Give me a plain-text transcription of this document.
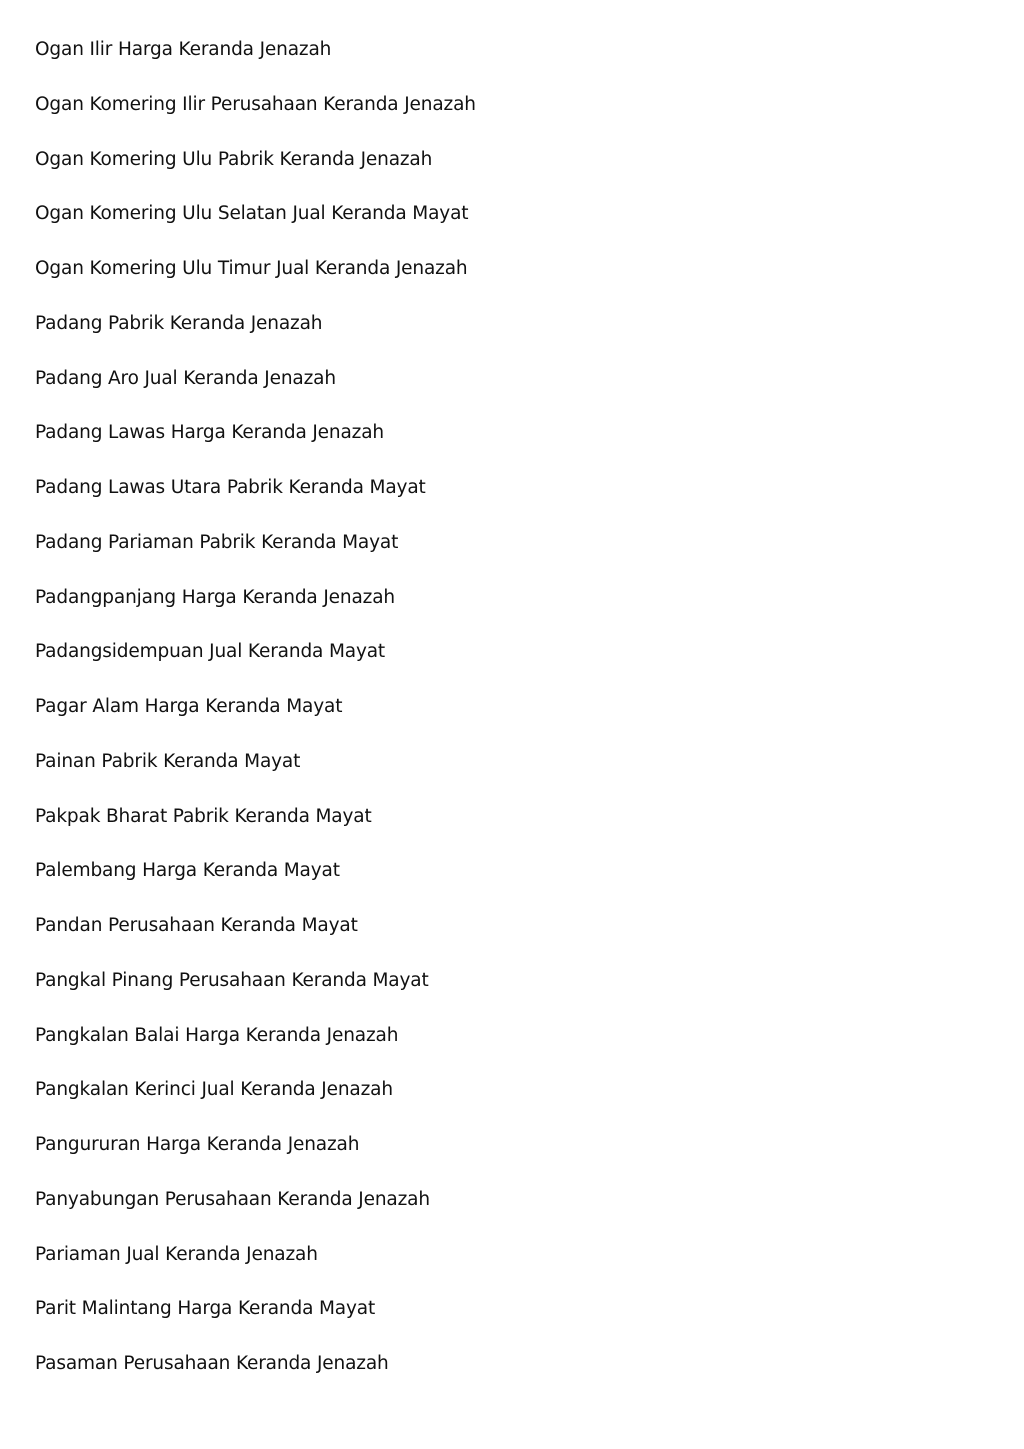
Ogan Ilir Harga Keranda Jenazah
Ogan Komering Ilir Perusahaan Keranda Jenazah
Ogan Komering Ulu Pabrik Keranda Jenazah
Ogan Komering Ulu Selatan Jual Keranda Mayat
Ogan Komering Ulu Timur Jual Keranda Jenazah
Padang Pabrik Keranda Jenazah
Padang Aro Jual Keranda Jenazah
Padang Lawas Harga Keranda Jenazah
Padang Lawas Utara Pabrik Keranda Mayat
Padang Pariaman Pabrik Keranda Mayat
Padangpanjang Harga Keranda Jenazah
Padangsidempuan Jual Keranda Mayat
Pagar Alam Harga Keranda Mayat
Painan Pabrik Keranda Mayat
Pakpak Bharat Pabrik Keranda Mayat
Palembang Harga Keranda Mayat
Pandan Perusahaan Keranda Mayat
Pangkal Pinang Perusahaan Keranda Mayat
Pangkalan Balai Harga Keranda Jenazah
Pangkalan Kerinci Jual Keranda Jenazah
Pangururan Harga Keranda Jenazah
Panyabungan Perusahaan Keranda Jenazah
Pariaman Jual Keranda Jenazah
Parit Malintang Harga Keranda Mayat
Pasaman Perusahaan Keranda Jenazah
